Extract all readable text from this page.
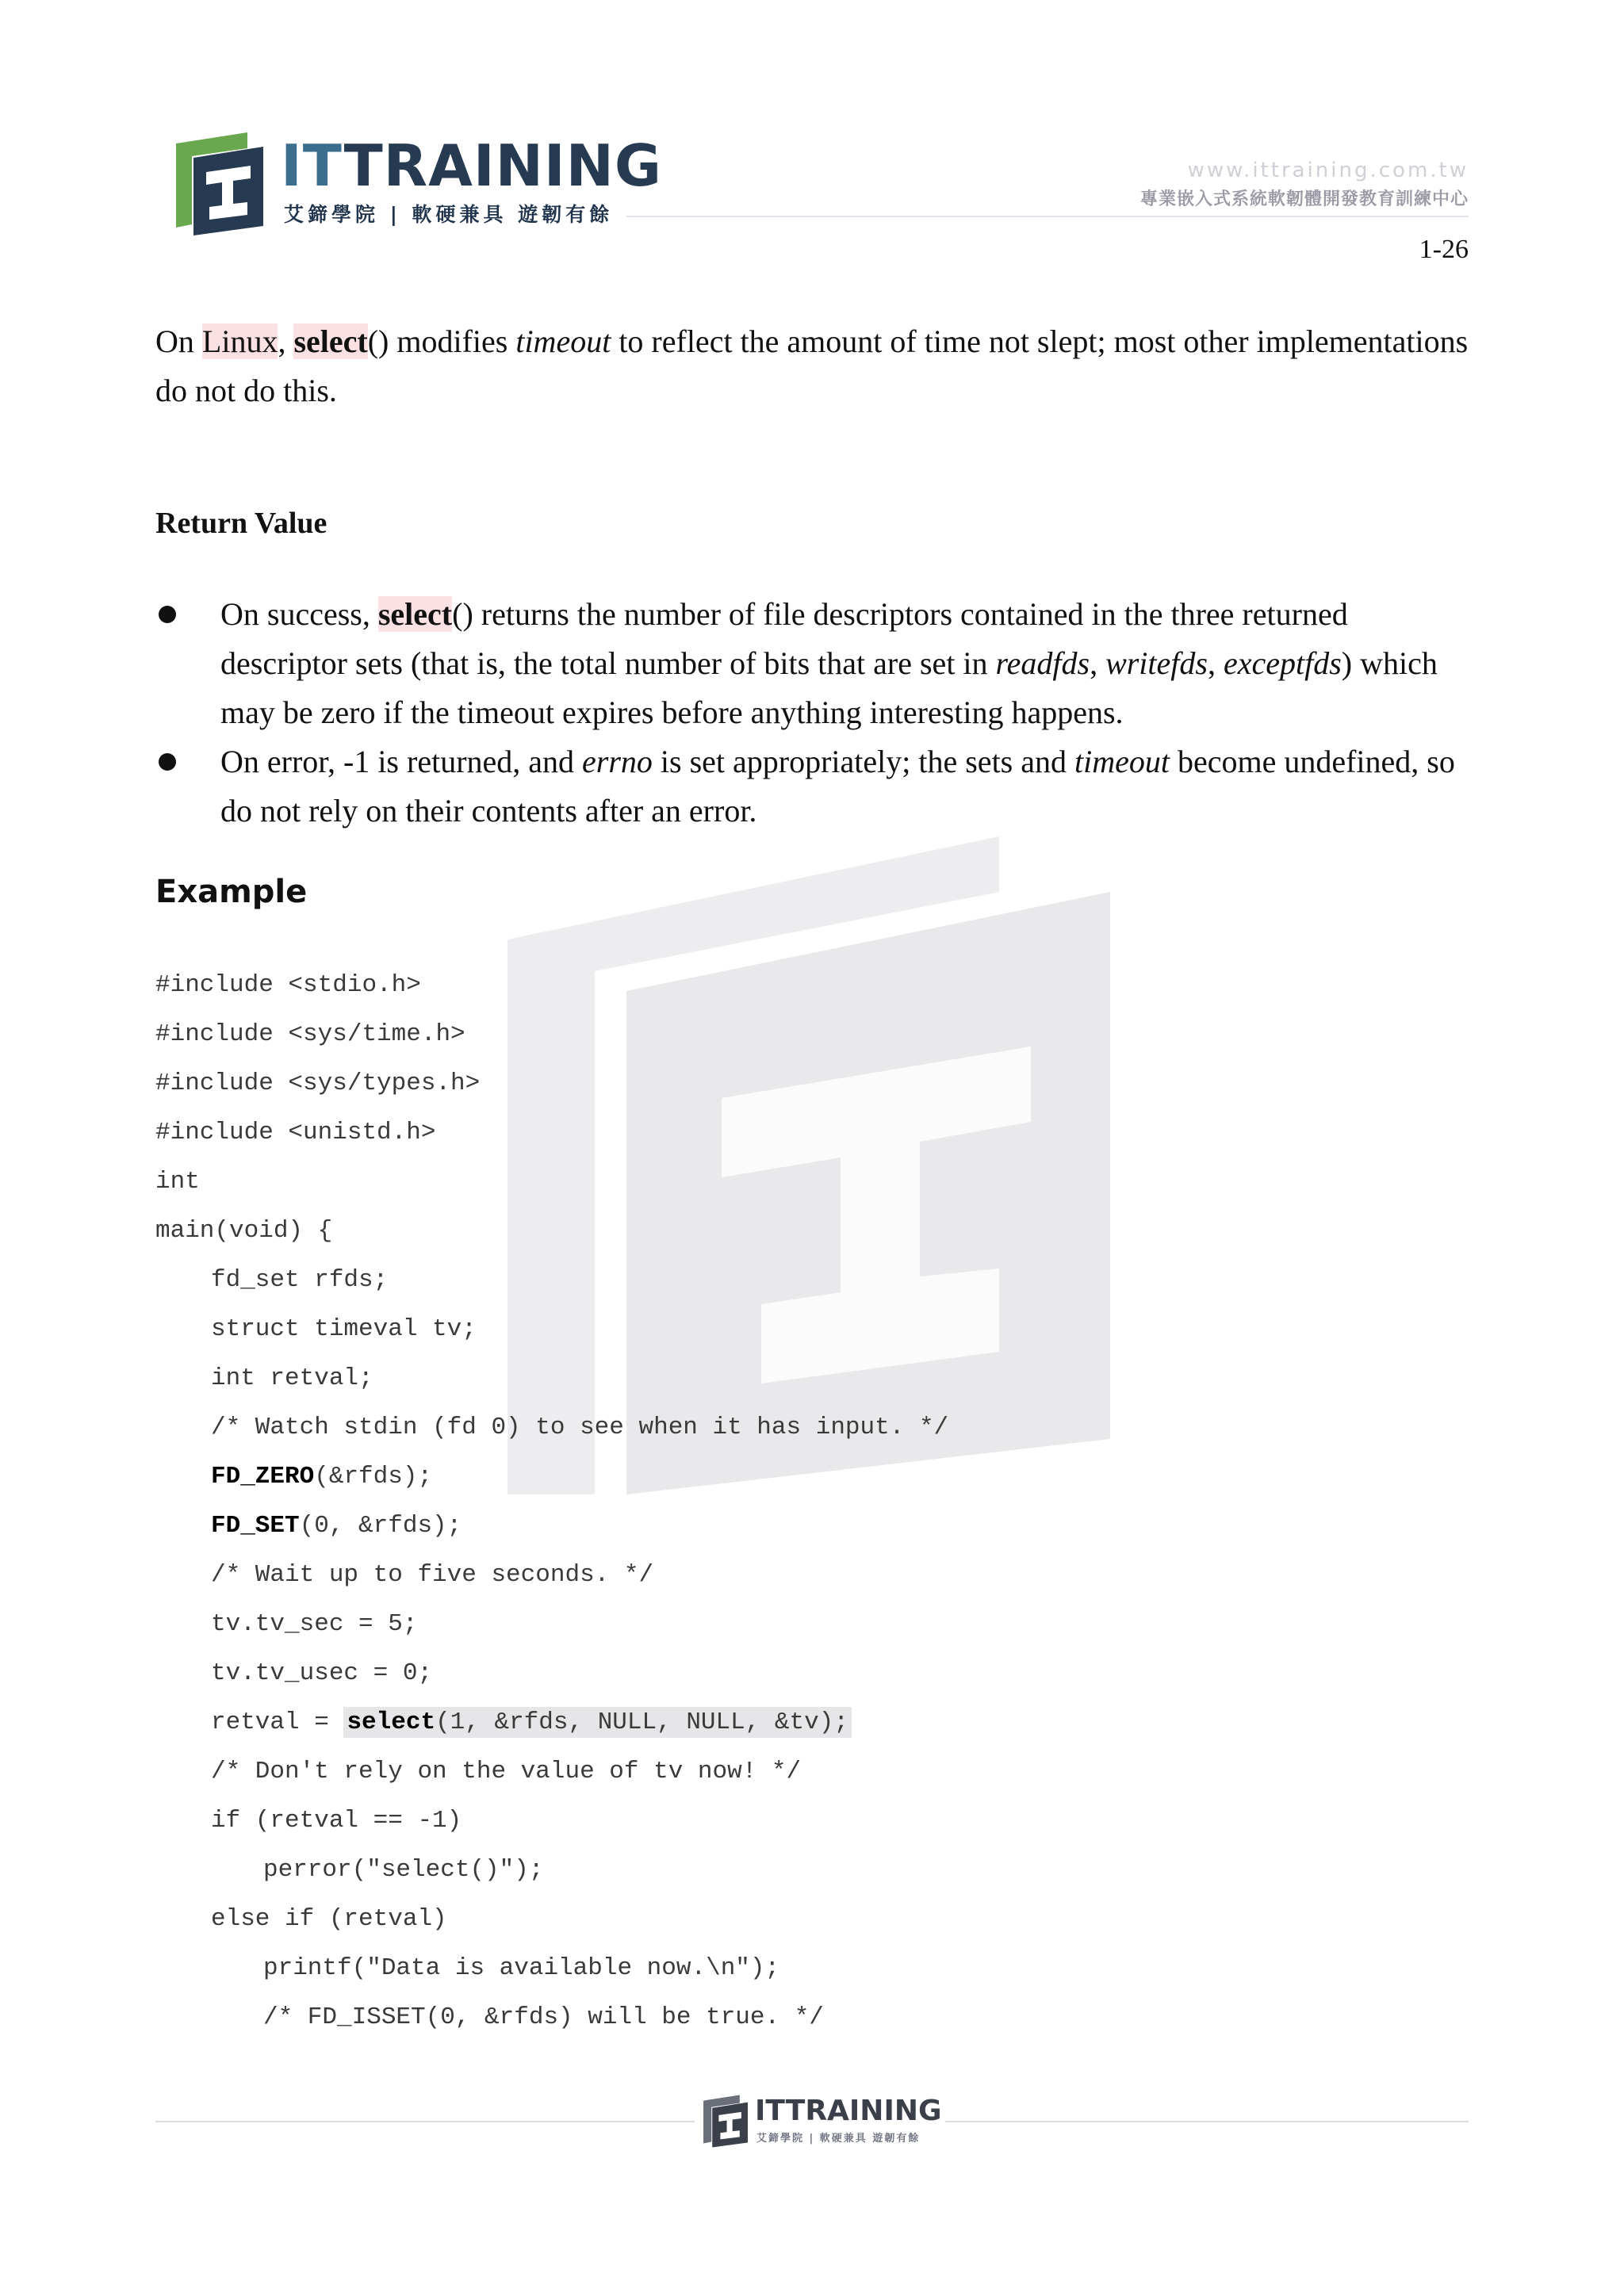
ITTRAINING
艾鍗學院 | 軟硬兼具 遊韌有餘
www.ittraining.com.tw
專業嵌入式系統軟韌體開發教育訓練中心
1-26
On Linux, select() modifies timeout to reflect the amount of time not slept; most other implementations do not do this.
Return Value
On success, select() returns the number of file descriptors contained in the three returned descriptor sets (that is, the total number of bits that are set in readfds, writefds, exceptfds) which may be zero if the timeout expires before anything interesting happens.
On error, -1 is returned, and errno is set appropriately; the sets and timeout become undefined, so do not rely on their contents after an error.
Example
#include <stdio.h>
#include <sys/time.h>
#include <sys/types.h>
#include <unistd.h>
int
main(void) {
fd_set rfds;
struct timeval tv;
int retval;
/* Watch stdin (fd 0) to see when it has input. */
FD_ZERO(&rfds);
FD_SET(0, &rfds);
/* Wait up to five seconds. */
tv.tv_sec = 5;
tv.tv_usec = 0;
retval = select(1, &rfds, NULL, NULL, &tv);
/* Don't rely on the value of tv now! */
if (retval == -1)
perror("select()");
else if (retval)
printf("Data is available now.\n");
/* FD_ISSET(0, &rfds) will be true. */
ITTRAINING
艾鍗學院 | 軟硬兼具 遊韌有餘
